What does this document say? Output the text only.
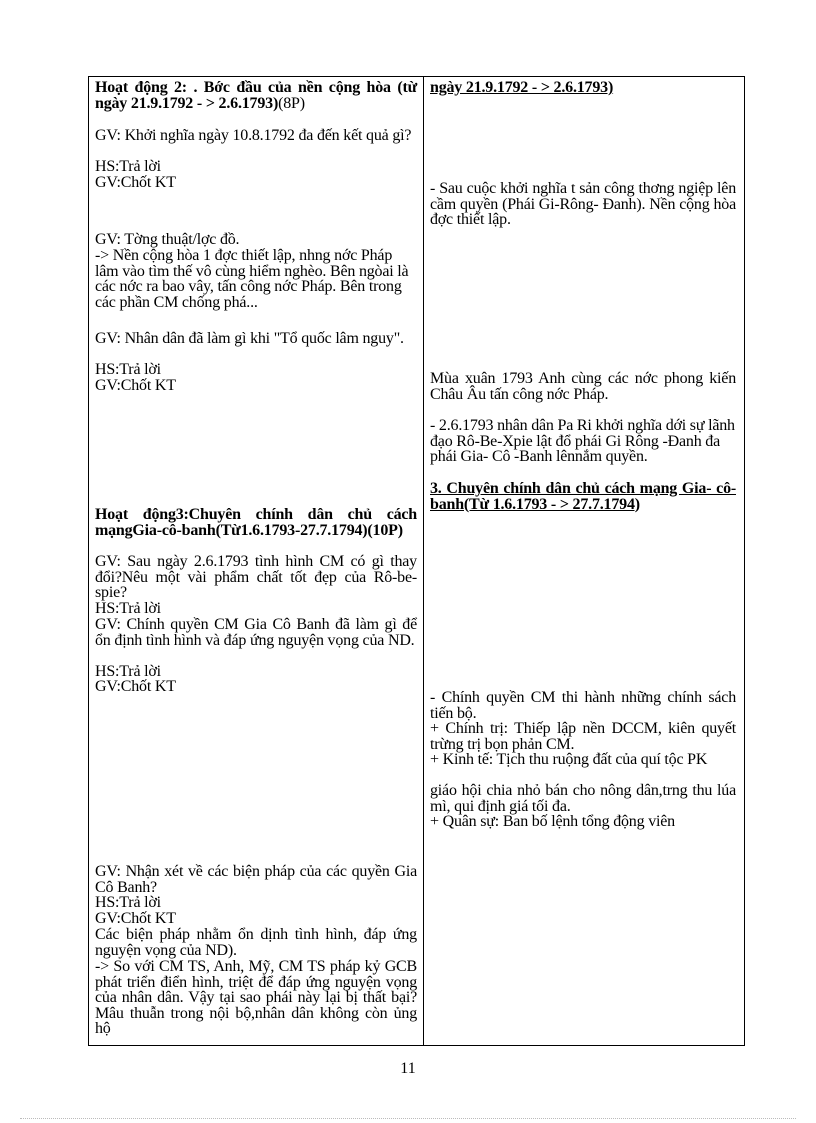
Hoạt động 2: . Bớc đầu của nền cộng hòa (từ ngày 21.9.1792 - > 2.6.1793)(8P)
GV: Khởi nghĩa ngày 10.8.1792 đa đến kết quả gì?
HS:Trả lời
GV:Chốt KT
GV: Tờng thuật/lợc đồ.
-> Nền cộng hòa 1 đợc thiết lập, nhng nớc Pháp lâm vào tìm thế vô cùng hiểm nghèo. Bên ngòai là các nớc ra bao vây, tấn công nớc Pháp. Bên trong các phần CM chống phá...
GV: Nhân dân đã làm gì khi "Tổ quốc lâm nguy".
HS:Trả lời
GV:Chốt KT
Hoạt động3:Chuyên chính dân chủ cách mạngGia-cô-banh(Từ1.6.1793-27.7.1794)(10P)
GV: Sau ngày 2.6.1793 tình hình CM có gì thay đổi?Nêu một vài phẩm chất tốt đẹp của Rô-be-spie?
HS:Trả lời
GV: Chính quyền CM Gia Cô Banh đã làm gì để ổn định tình hình và đáp ứng nguyện vọng của ND.
HS:Trả lời
GV:Chốt KT
GV: Nhận xét về các biện pháp của các quyền Gia Cô Banh?
HS:Trả lời
GV:Chốt KT
Các biện pháp nhằm ổn dịnh tình hình, đáp ứng nguyện vọng của ND).
-> So với CM TS, Anh, Mỹ, CM TS pháp kỷ GCB phát triển điển hình, triệt để đáp ứng nguyện vọng của nhân dân. Vậy tại sao phái này lại bị thất bại?Mâu thuẫn trong nội bộ,nhân dân không còn ủng hộ
ngày 21.9.1792 - > 2.6.1793)
- Sau cuộc khởi nghĩa t sản công thơng ngiệp lên cầm quyền (Phái Gi-Rông- Đanh). Nền cộng hòa đợc thiết lập.
Mùa xuân 1793 Anh cùng các nớc phong kiến Châu Âu tấn công nớc Pháp.
- 2.6.1793 nhân dân Pa Ri khởi nghĩa dới sự lãnh đạo Rô-Be-Xpie lật đổ phái Gi Rông -Đanh đa phái Gia- Cô -Banh lênnắm quyền.
3. Chuyên chính dân chủ cách mạng Gia- cô-banh(Từ 1.6.1793 - > 27.7.1794)
- Chính quyền CM thi hành những chính sách tiến bộ.
+ Chính trị: Thiếp lập nền DCCM, kiên quyết trừng trị bọn phản CM.
+ Kinh tế: Tịch thu ruộng đất của quí tộc PK
giáo hội chia nhỏ bán cho nông dân,trng thu lúa mì, qui định giá tối đa.
+ Quân sự: Ban bố lệnh tổng động viên
11
